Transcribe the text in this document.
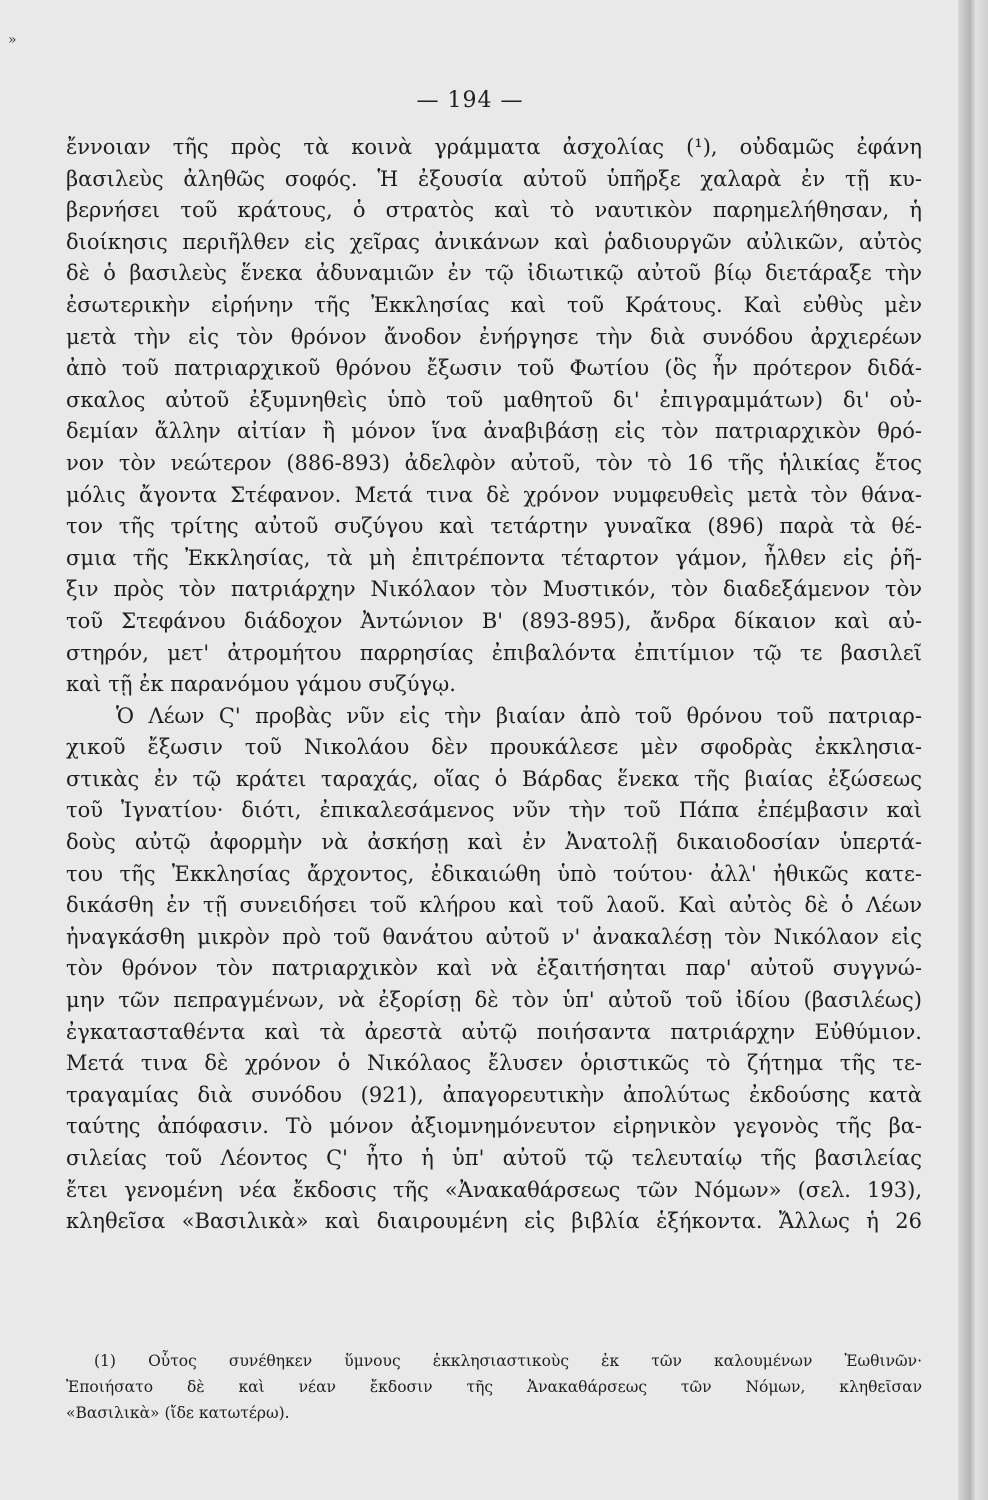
»
— 194 —
ἔννοιαν τῆς πρὸς τὰ κοινὰ γράμματα ἀσχολίας (¹), οὐδαμῶς ἐφάνη
βασιλεὺς ἀληθῶς σοφός. Ἡ ἐξουσία αὐτοῦ ὑπῆρξε χαλαρὰ ἐν τῇ κυ-
βερνήσει τοῦ κράτους, ὁ στρατὸς καὶ τὸ ναυτικὸν παρημελήθησαν, ἡ
διοίκησις περιῆλθεν εἰς χεῖρας ἀνικάνων καὶ ῥαδιουργῶν αὐλικῶν, αὐτὸς
δὲ ὁ βασιλεὺς ἕνεκα ἀδυναμιῶν ἐν τῷ ἰδιωτικῷ αὐτοῦ βίῳ διετάραξε τὴν
ἐσωτερικὴν εἰρήνην τῆς Ἐκκλησίας καὶ τοῦ Κράτους. Καὶ εὐθὺς μὲν
μετὰ τὴν εἰς τὸν θρόνον ἄνοδον ἐνήργησε τὴν διὰ συνόδου ἀρχιερέων
ἀπὸ τοῦ πατριαρχικοῦ θρόνου ἔξωσιν τοῦ Φωτίου (ὃς ἦν πρότερον διδά-
σκαλος αὐτοῦ ἐξυμνηθεὶς ὑπὸ τοῦ μαθητοῦ δι' ἐπιγραμμάτων) δι' οὐ-
δεμίαν ἄλλην αἰτίαν ἢ μόνον ἵνα ἀναβιβάσῃ εἰς τὸν πατριαρχικὸν θρό-
νον τὸν νεώτερον (886-893) ἀδελφὸν αὐτοῦ, τὸν τὸ 16 τῆς ἡλικίας ἔτος
μόλις ἄγοντα Στέφανον. Μετά τινα δὲ χρόνον νυμφευθεὶς μετὰ τὸν θάνα-
τον τῆς τρίτης αὐτοῦ συζύγου καὶ τετάρτην γυναῖκα (896) παρὰ τὰ θέ-
σμια τῆς Ἐκκλησίας, τὰ μὴ ἐπιτρέποντα τέταρτον γάμον, ἦλθεν εἰς ῥῆ-
ξιν πρὸς τὸν πατριάρχην Νικόλαον τὸν Μυστικόν, τὸν διαδεξάμενον τὸν
τοῦ Στεφάνου διάδοχον Ἀντώνιον Β' (893-895), ἄνδρα δίκαιον καὶ αὐ-
στηρόν, μετ' ἀτρομήτου παρρησίας ἐπιβαλόντα ἐπιτίμιον τῷ τε βασιλεῖ
καὶ τῇ ἐκ παρανόμου γάμου συζύγῳ.
Ὁ Λέων Ϛ' προβὰς νῦν εἰς τὴν βιαίαν ἀπὸ τοῦ θρόνου τοῦ πατριαρ-
χικοῦ ἔξωσιν τοῦ Νικολάου δὲν προυκάλεσε μὲν σφοδρὰς ἐκκλησια-
στικὰς ἐν τῷ κράτει ταραχάς, οἵας ὁ Βάρδας ἕνεκα τῆς βιαίας ἐξώσεως
τοῦ Ἰγνατίου· διότι, ἐπικαλεσάμενος νῦν τὴν τοῦ Πάπα ἐπέμβασιν καὶ
δοὺς αὐτῷ ἀφορμὴν νὰ ἀσκήσῃ καὶ ἐν Ἀνατολῇ δικαιοδοσίαν ὑπερτά-
του τῆς Ἐκκλησίας ἄρχοντος, ἐδικαιώθη ὑπὸ τούτου· ἀλλ' ἠθικῶς κατε-
δικάσθη ἐν τῇ συνειδήσει τοῦ κλήρου καὶ τοῦ λαοῦ. Καὶ αὐτὸς δὲ ὁ Λέων
ἠναγκάσθη μικρὸν πρὸ τοῦ θανάτου αὐτοῦ ν' ἀνακαλέσῃ τὸν Νικόλαον εἰς
τὸν θρόνον τὸν πατριαρχικὸν καὶ νὰ ἐξαιτήσηται παρ' αὐτοῦ συγγνώ-
μην τῶν πεπραγμένων, νὰ ἐξορίσῃ δὲ τὸν ὑπ' αὐτοῦ τοῦ ἰδίου (βασιλέως)
ἐγκατασταθέντα καὶ τὰ ἀρεστὰ αὐτῷ ποιήσαντα πατριάρχην Εὐθύμιον.
Μετά τινα δὲ χρόνον ὁ Νικόλαος ἔλυσεν ὁριστικῶς τὸ ζήτημα τῆς τε-
τραγαμίας διὰ συνόδου (921), ἀπαγορευτικὴν ἀπολύτως ἐκδούσης κατὰ
ταύτης ἀπόφασιν. Τὸ μόνον ἀξιομνημόνευτον εἰρηνικὸν γεγονὸς τῆς βα-
σιλείας τοῦ Λέοντος Ϛ' ἦτο ἡ ὑπ' αὐτοῦ τῷ τελευταίῳ τῆς βασιλείας
ἔτει γενομένη νέα ἔκδοσις τῆς «Ἀνακαθάρσεως τῶν Νόμων» (σελ. 193),
κληθεῖσα «Βασιλικὰ» καὶ διαιρουμένη εἰς βιβλία ἑξήκοντα. Ἄλλως ἡ 26
(1) Οὗτος συνέθηκεν ὕμνους ἐκκλησιαστικοὺς ἐκ τῶν καλουμένων Ἑωθινῶν·
Ἐποιήσατο δὲ καὶ νέαν ἔκδοσιν τῆς Ἀνακαθάρσεως τῶν Νόμων, κληθεῖσαν
«Βασιλικὰ» (ἴδε κατωτέρω).
